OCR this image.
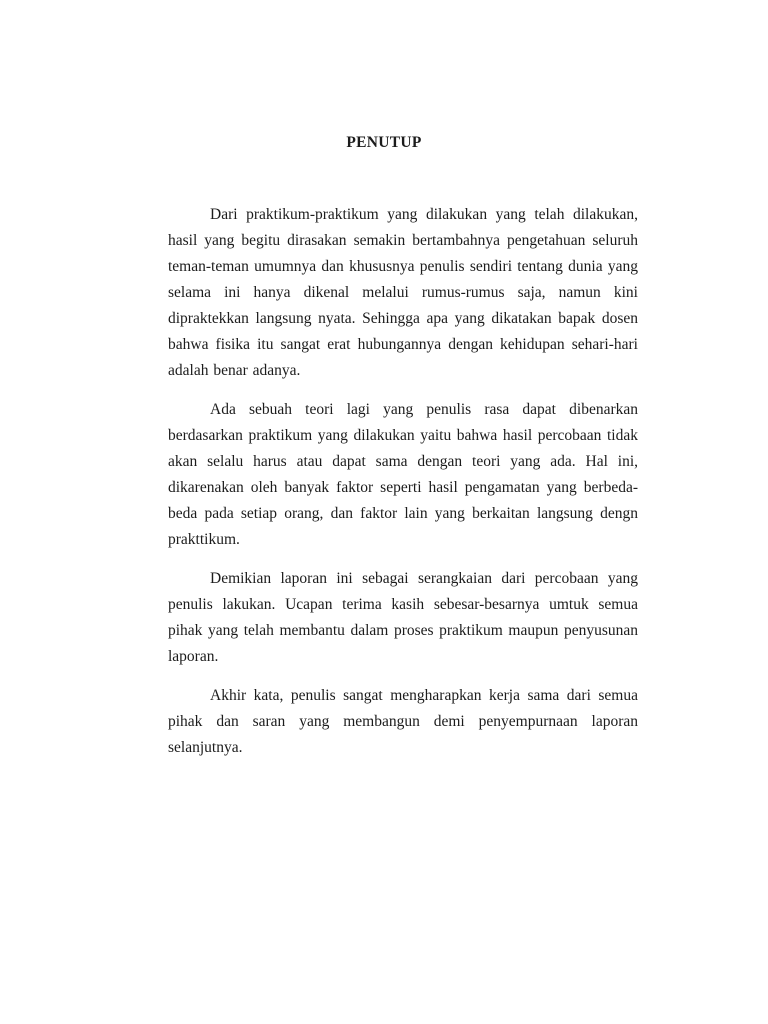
PENUTUP

Dari praktikum-praktikum yang dilakukan yang telah dilakukan, hasil yang begitu dirasakan semakin bertambahnya pengetahuan seluruh teman-teman umumnya dan khususnya penulis sendiri tentang dunia yang selama ini hanya dikenal melalui rumus-rumus saja, namun kini dipraktekkan langsung nyata. Sehingga apa yang dikatakan bapak dosen bahwa fisika itu sangat erat hubungannya dengan kehidupan sehari-hari adalah benar adanya.

Ada sebuah teori lagi yang penulis rasa dapat dibenarkan berdasarkan praktikum yang dilakukan yaitu bahwa hasil percobaan tidak akan selalu harus atau dapat sama dengan teori yang ada. Hal ini, dikarenakan oleh banyak faktor seperti hasil pengamatan yang berbeda-beda pada setiap orang, dan faktor lain yang berkaitan langsung dengn prakttikum.

Demikian laporan ini sebagai serangkaian dari percobaan yang penulis lakukan. Ucapan terima kasih sebesar-besarnya umtuk semua pihak yang telah membantu dalam proses praktikum maupun penyusunan laporan.

Akhir kata, penulis sangat mengharapkan kerja sama dari semua pihak dan saran yang membangun demi penyempurnaan laporan selanjutnya.
